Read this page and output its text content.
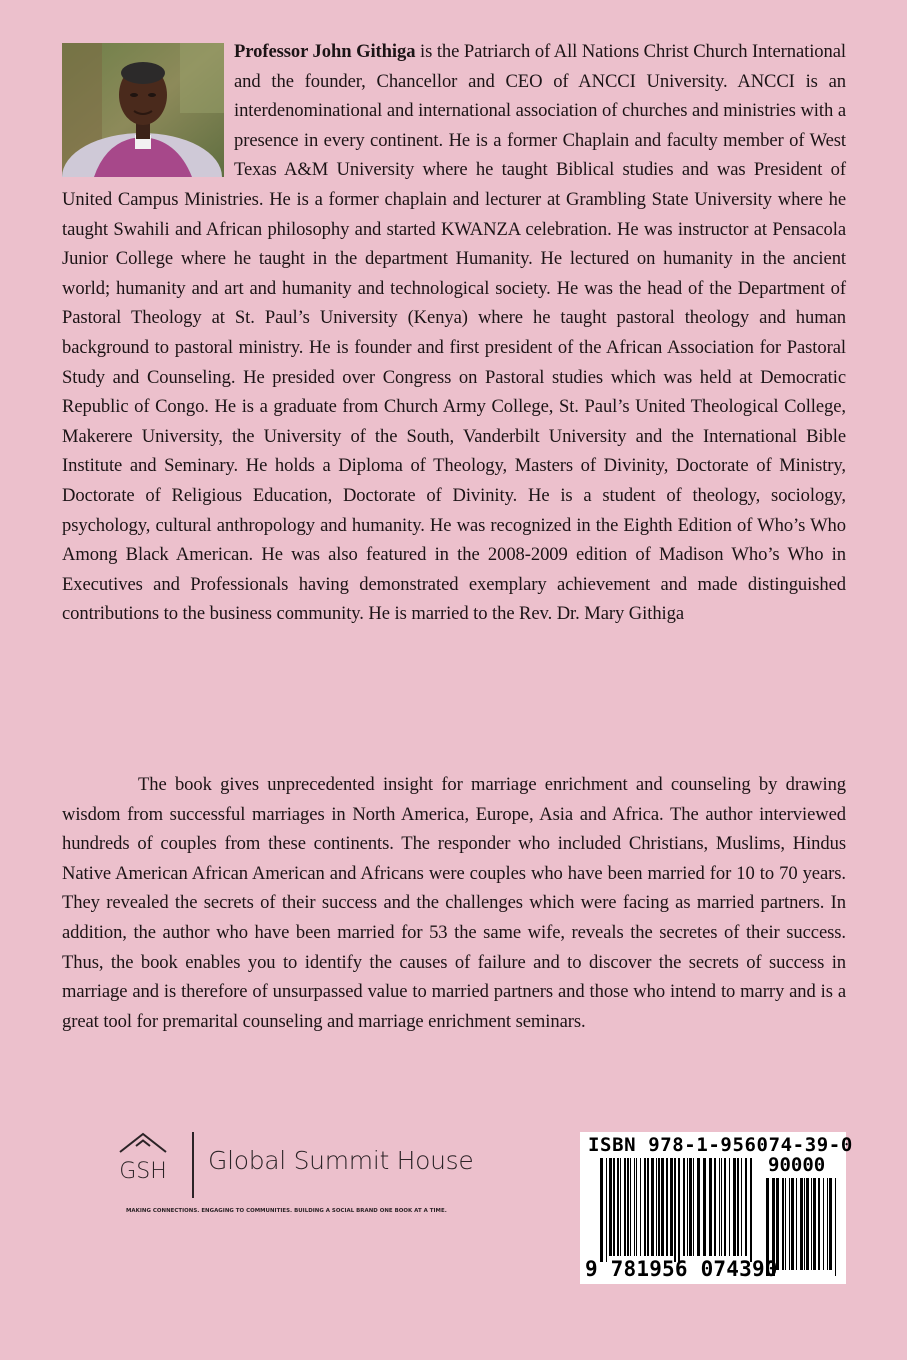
Professor John Githiga is the Patriarch of All Nations Christ Church International and the founder, Chancellor and CEO of ANCCI University. ANCCI is an interdenominational and international association of churches and ministries with a presence in every continent. He is a former Chaplain and faculty member of West Texas A&M University where he taught Biblical studies and was President of United Campus Ministries. He is a former chaplain and lecturer at Grambling State University where he taught Swahili and African philosophy and started KWANZA celebration. He was instructor at Pensacola Junior College where he taught in the department Humanity. He lectured on humanity in the ancient world; humanity and art and humanity and technological society. He was the head of the Department of Pastoral Theology at St. Paul’s University (Kenya) where he taught pastoral theology and human background to pastoral ministry. He is founder and first president of the African Association for Pastoral Study and Counseling. He presided over Congress on Pastoral studies which was held at Democratic Republic of Congo. He is a graduate from Church Army College, St. Paul’s United Theological College, Makerere University, the University of the South, Vanderbilt University and the International Bible Institute and Seminary. He holds a Diploma of Theology, Masters of Divinity, Doctorate of Ministry, Doctorate of Religious Education, Doctorate of Divinity. He is a student of theology, sociology, psychology, cultural anthropology and humanity. He was recognized in the Eighth Edition of Who’s Who Among Black American. He was also featured in the 2008-2009 edition of Madison Who’s Who in Executives and Professionals having demonstrated exemplary achievement and made distinguished contributions to the business community. He is married to the Rev. Dr. Mary Githiga
The book gives unprecedented insight for marriage enrichment and counseling by drawing wisdom from successful marriages in North America, Europe, Asia and Africa. The author interviewed hundreds of couples from these continents. The responder who included Christians, Muslims, Hindus Native American African American and Africans were couples who have been married for 10 to 70 years. They revealed the secrets of their success and the challenges which were facing as married partners. In addition, the author who have been married for 53 the same wife, reveals the secretes of their success. Thus, the book enables you to identify the causes of failure and to discover the secrets of success in marriage and is therefore of unsurpassed value to married partners and those who intend to marry and is a great tool for premarital counseling and marriage enrichment seminars.
GSH Global Summit House
MAKING CONNECTIONS. ENGAGING TO COMMUNITIES. BUILDING A SOCIAL BRAND ONE BOOK AT A TIME.
ISBN 978-1-956074-39-0
90000
9 781956 074390
